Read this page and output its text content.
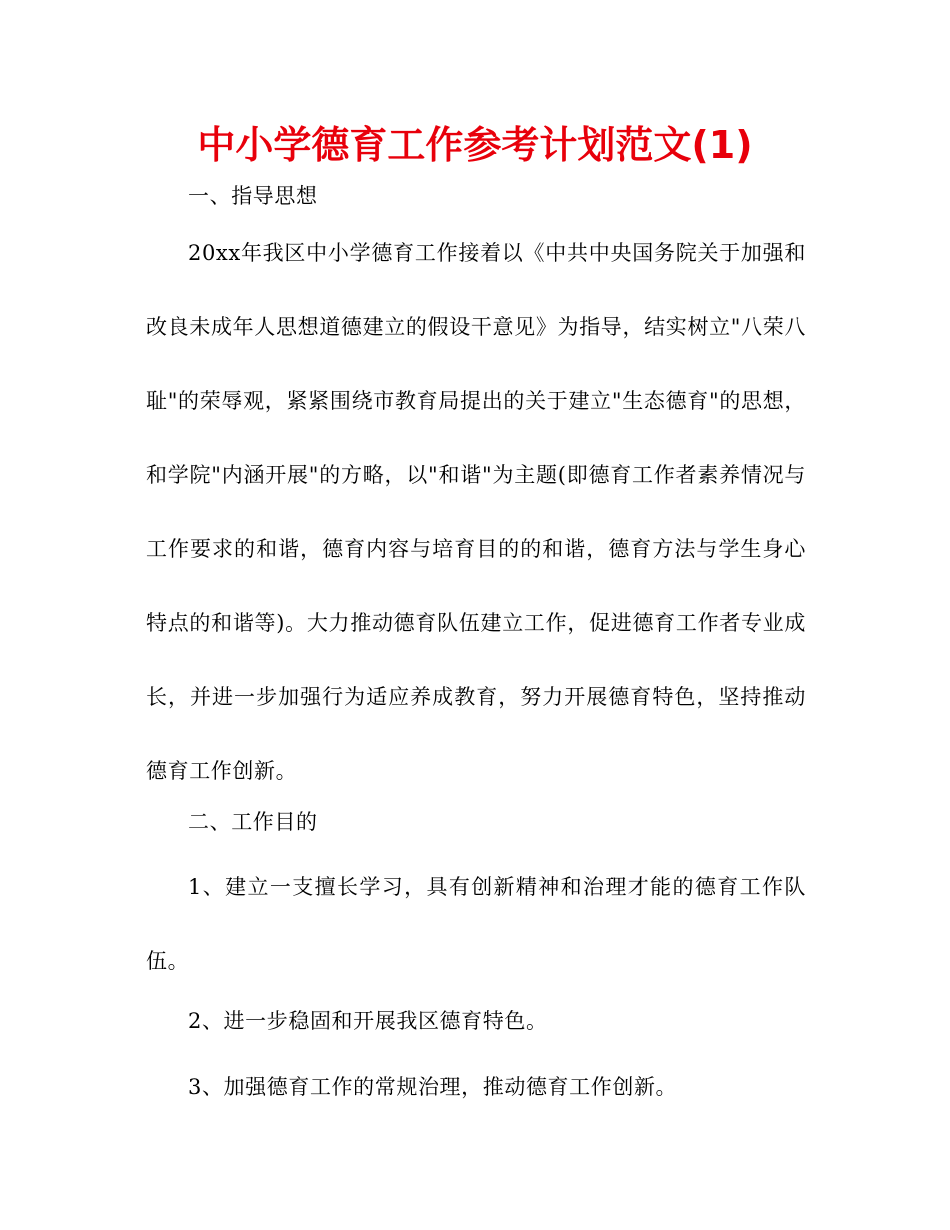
中小学德育工作参考计划范文(1)
一、指导思想
20xx年我区中小学德育工作接着以《中共中央国务院关于加强和改良未成年人思想道德建立的假设干意见》为指导，结实树立"八荣八耻"的荣辱观，紧紧围绕市教育局提出的关于建立"生态德育"的思想，和学院"内涵开展"的方略，以"和谐"为主题(即德育工作者素养情况与工作要求的和谐，德育内容与培育目的的和谐，德育方法与学生身心特点的和谐等)。大力推动德育队伍建立工作，促进德育工作者专业成长，并进一步加强行为适应养成教育，努力开展德育特色，坚持推动德育工作创新。
二、工作目的
1、建立一支擅长学习，具有创新精神和治理才能的德育工作队伍。
2、进一步稳固和开展我区德育特色。
3、加强德育工作的常规治理，推动德育工作创新。
